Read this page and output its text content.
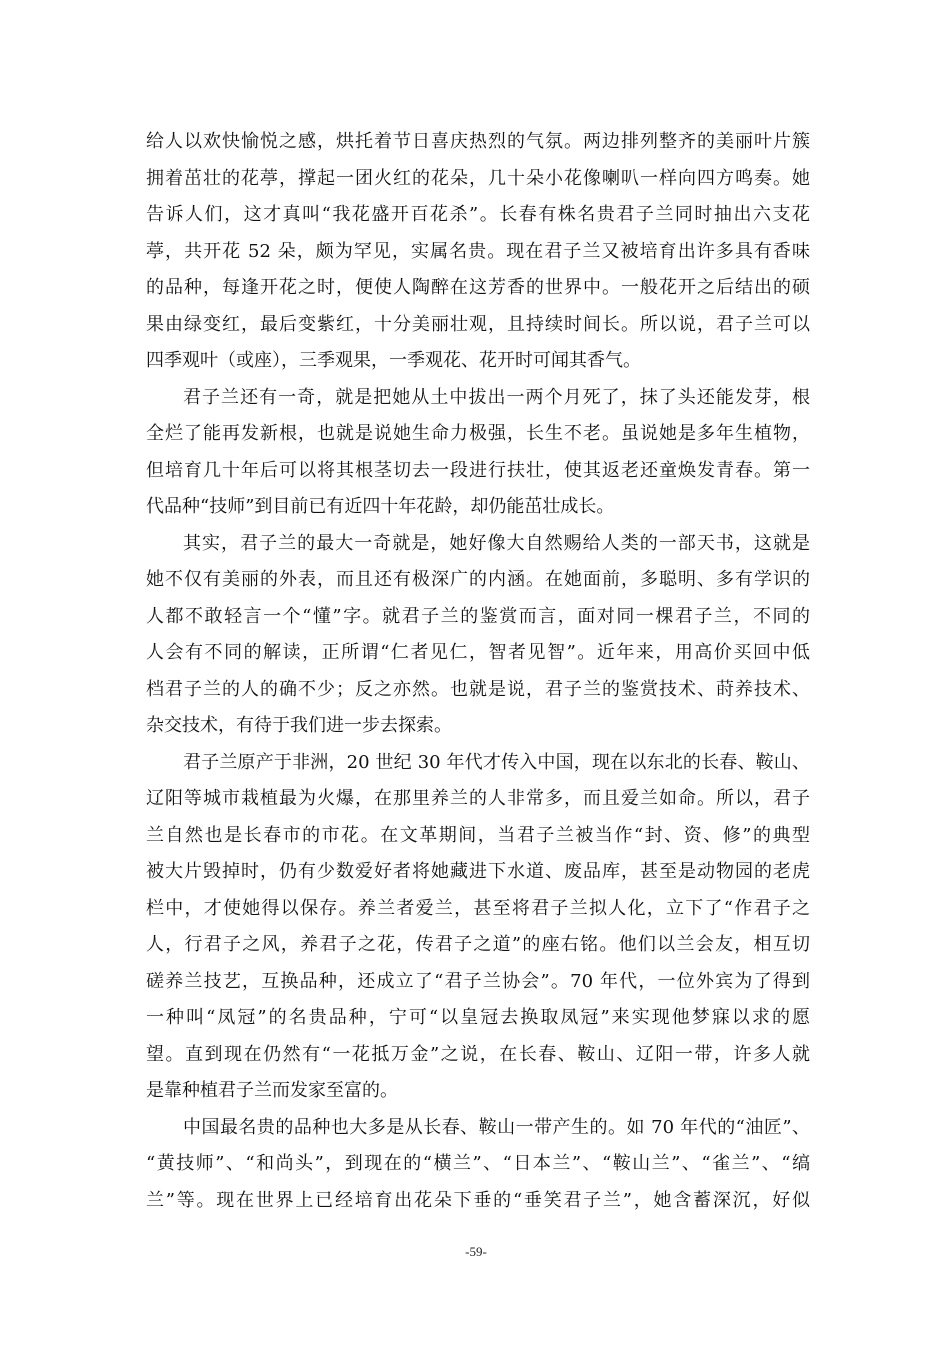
给人以欢快愉悦之感，烘托着节日喜庆热烈的气氛。两边排列整齐的美丽叶片簇
拥着茁壮的花葶，撑起一团火红的花朵，几十朵小花像喇叭一样向四方鸣奏。她
告诉人们，这才真叫“我花盛开百花杀”。长春有株名贵君子兰同时抽出六支花
葶，共开花 52 朵，颇为罕见，实属名贵。现在君子兰又被培育出许多具有香味
的品种，每逢开花之时，便使人陶醉在这芳香的世界中。一般花开之后结出的硕
果由绿变红，最后变紫红，十分美丽壮观，且持续时间长。所以说，君子兰可以
四季观叶（或座），三季观果，一季观花、花开时可闻其香气。
君子兰还有一奇，就是把她从土中拔出一两个月死了，抹了头还能发芽，根
全烂了能再发新根，也就是说她生命力极强，长生不老。虽说她是多年生植物，
但培育几十年后可以将其根茎切去一段进行扶壮，使其返老还童焕发青春。第一
代品种“技师”到目前已有近四十年花龄，却仍能茁壮成长。
其实，君子兰的最大一奇就是，她好像大自然赐给人类的一部天书，这就是
她不仅有美丽的外表，而且还有极深广的内涵。在她面前，多聪明、多有学识的
人都不敢轻言一个“懂”字。就君子兰的鉴赏而言，面对同一棵君子兰，不同的
人会有不同的解读，正所谓“仁者见仁，智者见智”。近年来，用高价买回中低
档君子兰的人的确不少；反之亦然。也就是说，君子兰的鉴赏技术、莳养技术、
杂交技术，有待于我们进一步去探索。
君子兰原产于非洲，20 世纪 30 年代才传入中国，现在以东北的长春、鞍山、
辽阳等城市栽植最为火爆，在那里养兰的人非常多，而且爱兰如命。所以，君子
兰自然也是长春市的市花。在文革期间，当君子兰被当作“封、资、修”的典型
被大片毁掉时，仍有少数爱好者将她藏进下水道、废品库，甚至是动物园的老虎
栏中，才使她得以保存。养兰者爱兰，甚至将君子兰拟人化，立下了“作君子之
人，行君子之风，养君子之花，传君子之道”的座右铭。他们以兰会友，相互切
磋养兰技艺，互换品种，还成立了“君子兰协会”。70 年代，一位外宾为了得到
一种叫“凤冠”的名贵品种，宁可“以皇冠去换取凤冠”来实现他梦寐以求的愿
望。直到现在仍然有“一花抵万金”之说，在长春、鞍山、辽阳一带，许多人就
是靠种植君子兰而发家至富的。
中国最名贵的品种也大多是从长春、鞍山一带产生的。如 70 年代的“油匠”、
“黄技师”、“和尚头”，到现在的“横兰”、“日本兰”、“鞍山兰”、“雀兰”、“缟
兰”等。现在世界上已经培育出花朵下垂的“垂笑君子兰”，她含蓄深沉，好似
-59-
